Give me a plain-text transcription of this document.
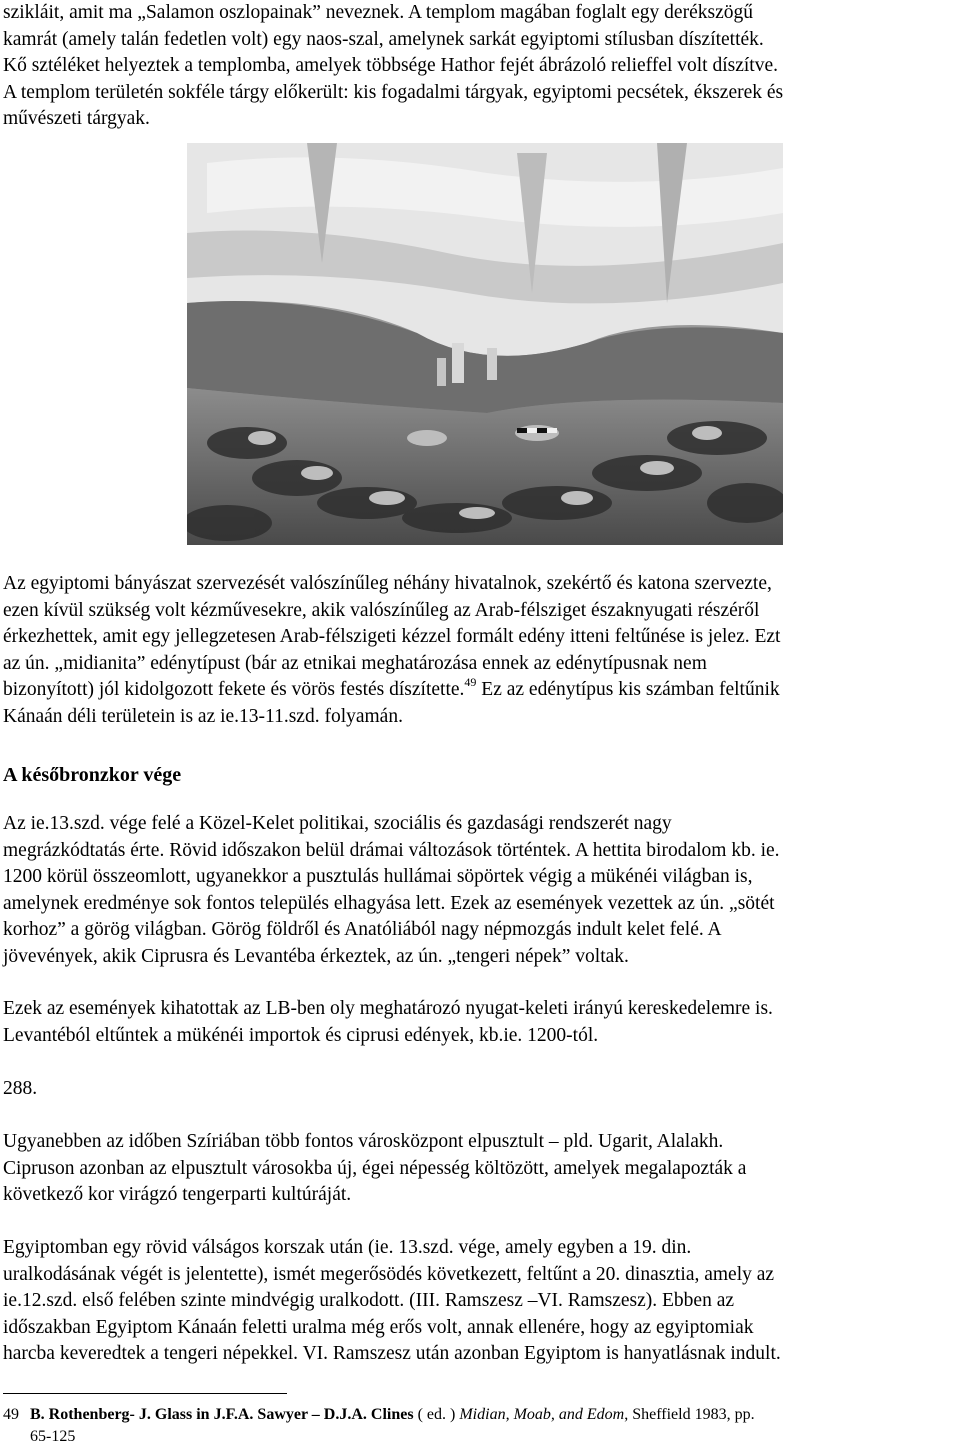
szikláit, amit ma „Salamon oszlopainak” neveznek. A templom magában foglalt egy derékszögű
kamrát (amely talán fedetlen volt) egy naos-szal, amelynek sarkát egyiptomi stílusban díszítették.
Kő sztéléket helyeztek a templomba, amelyek többsége Hathor fejét ábrázoló relieffel volt díszítve.
A templom területén sokféle tárgy előkerült: kis fogadalmi tárgyak, egyiptomi pecsétek, ékszerek és
művészeti tárgyak.

Az egyiptomi bányászat szervezését valószínűleg néhány hivatalnok, szekértő és katona szervezte,
ezen kívül szükség volt kézművesekre, akik valószínűleg az Arab-félsziget északnyugati részéről
érkezhettek, amit egy jellegzetesen Arab-félszigeti kézzel formált edény itteni feltűnése is jelez. Ezt
az ún. „midianita” edénytípust (bár az etnikai meghatározása ennek az edénytípusnak nem
bizonyított) jól kidolgozott fekete és vörös festés díszítette.$^{49}$ Ez az edénytípus kis számban feltűnik
Kánaán déli területein is az ie.13-11.szd. folyamán.

A későbronzkor vége

Az ie.13.szd. vége felé a Közel-Kelet politikai, szociális és gazdasági rendszerét nagy
megrázkódtatás érte. Rövid időszakon belül drámai változások történtek. A hettita birodalom kb. ie.
1200 körül összeomlott, ugyanekkor a pusztulás hullámai söpörtek végig a mükénéi világban is,
amelynek eredménye sok fontos település elhagyása lett. Ezek az események vezettek az ún. „sötét
korhoz” a görög világban. Görög földről és Anatóliából nagy népmozgás indult kelet felé. A
jövevények, akik Ciprusra és Levantéba érkeztek, az ún. „tengeri népek” voltak.

Ezek az események kihatottak az LB-ben oly meghatározó nyugat-keleti irányú kereskedelemre is.
Levantéból eltűntek a mükénéi importok és ciprusi edények, kb.ie. 1200-tól.

288.

Ugyanebben az időben Szíriában több fontos városközpont elpusztult – pld. Ugarit, Alalakh.
Cipruson azonban az elpusztult városokba új, égei népesség költözött, amelyek megalapozták a
következő kor virágzó tengerparti kultúráját.

Egyiptomban egy rövid válságos korszak után (ie. 13.szd. vége, amely egyben a 19. din.
uralkodásának végét is jelentette), ismét megerősödés következett, feltűnt a 20. dinasztia, amely az
ie.12.szd. első felében szinte mindvégig uralkodott. (III. Ramszesz –VI. Ramszesz). Ebben az
időszakban Egyiptom Kánaán feletti uralma még erős volt, annak ellenére, hogy az egyiptomiak
harcba keveredtek a tengeri népekkel. VI. Ramszesz után azonban Egyiptom is hanyatlásnak indult.

49 B. Rothenberg- J. Glass in J.F.A. Sawyer – D.J.A. Clines ( ed. ) Midian, Moab, and Edom, Sheffield 1983, pp.
65-125
